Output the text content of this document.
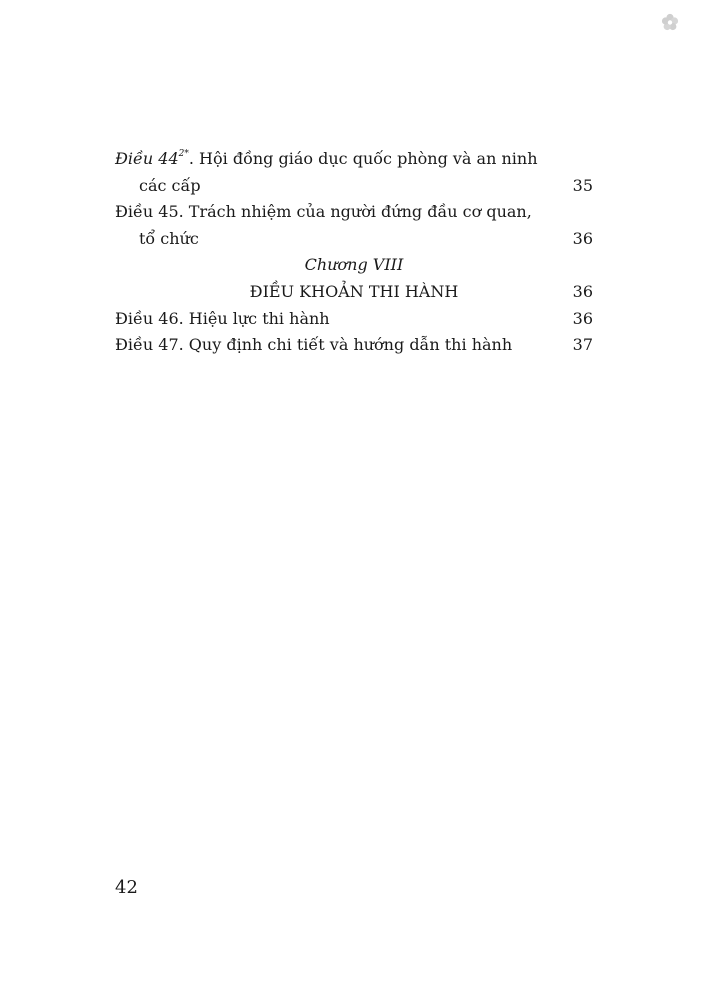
Điều $44^{2*}$. Hội đồng giáo dục quốc phòng và an ninh
các cấp	35
Điều 45. Trách nhiệm của người đứng đầu cơ quan,
tổ chức	36
Chương VIII
ĐIỀU KHOẢN THI HÀNH	36
Điều 46. Hiệu lực thi hành	36
Điều 47. Quy định chi tiết và hướng dẫn thi hành	37
42
